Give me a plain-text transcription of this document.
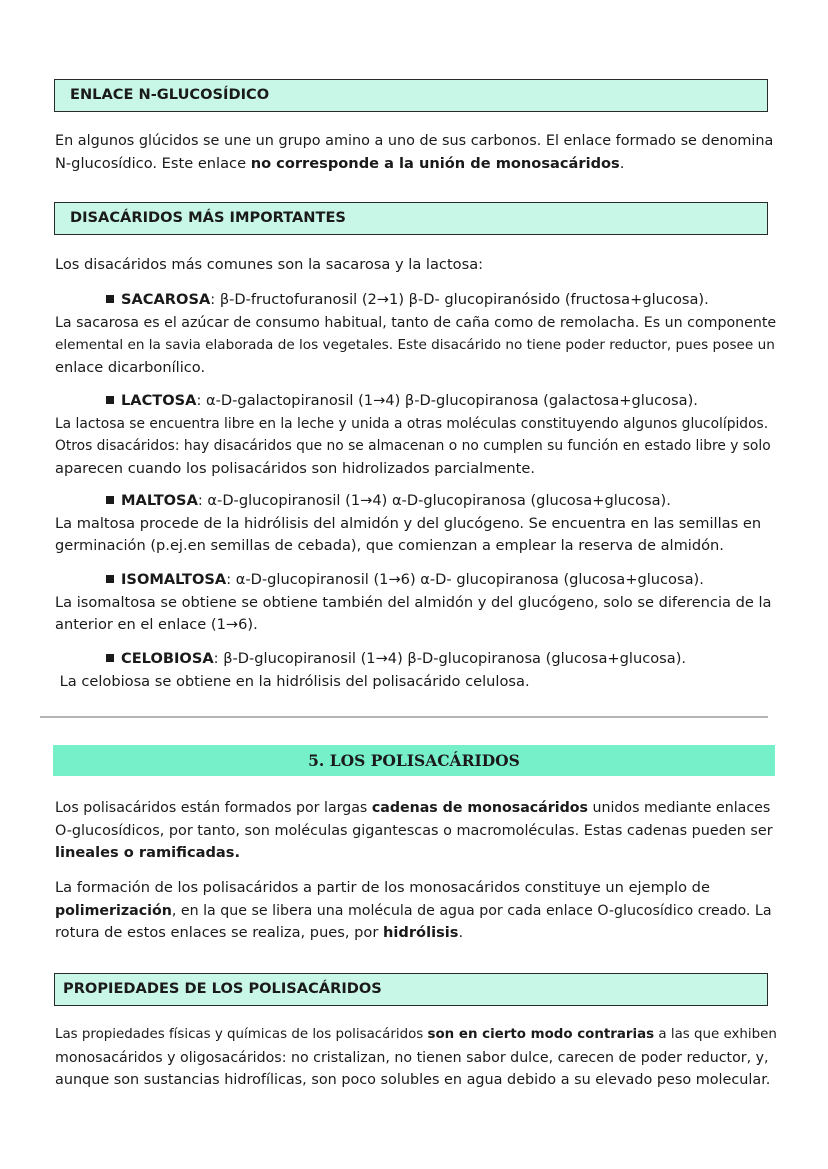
ENLACE N-GLUCOSÍDICO
En algunos glúcidos se une un grupo amino a uno de sus carbonos. El enlace formado se denomina
N-glucosídico. Este enlace no corresponde a la unión de monosacáridos.
DISACÁRIDOS MÁS IMPORTANTES
Los disacáridos más comunes son la sacarosa y la lactosa:
SACAROSA: β-D-fructofuranosil (2→1) β-D- glucopiranósido (fructosa+glucosa).
La sacarosa es el azúcar de consumo habitual, tanto de caña como de remolacha. Es un componente
elemental en la savia elaborada de los vegetales. Este disacárido no tiene poder reductor, pues posee un
enlace dicarbonílico.
LACTOSA: α-D-galactopiranosil (1→4) β-D-glucopiranosa (galactosa+glucosa).
La lactosa se encuentra libre en la leche y unida a otras moléculas constituyendo algunos glucolípidos.
Otros disacáridos: hay disacáridos que no se almacenan o no cumplen su función en estado libre y solo
aparecen cuando los polisacáridos son hidrolizados parcialmente.
MALTOSA: α-D-glucopiranosil (1→4) α-D-glucopiranosa (glucosa+glucosa).
La maltosa procede de la hidrólisis del almidón y del glucógeno. Se encuentra en las semillas en
germinación (p.ej.en semillas de cebada), que comienzan a emplear la reserva de almidón.
ISOMALTOSA: α-D-glucopiranosil (1→6) α-D- glucopiranosa (glucosa+glucosa).
La isomaltosa se obtiene se obtiene también del almidón y del glucógeno, solo se diferencia de la
anterior en el enlace (1→6).
CELOBIOSA: β-D-glucopiranosil (1→4) β-D-glucopiranosa (glucosa+glucosa).
La celobiosa se obtiene en la hidrólisis del polisacárido celulosa.
5. LOS POLISACÁRIDOS
Los polisacáridos están formados por largas cadenas de monosacáridos unidos mediante enlaces
O-glucosídicos, por tanto, son moléculas gigantescas o macromoléculas. Estas cadenas pueden ser
lineales o ramificadas.
La formación de los polisacáridos a partir de los monosacáridos constituye un ejemplo de
polimerización, en la que se libera una molécula de agua por cada enlace O-glucosídico creado. La
rotura de estos enlaces se realiza, pues, por hidrólisis.
PROPIEDADES DE LOS POLISACÁRIDOS
Las propiedades físicas y químicas de los polisacáridos son en cierto modo contrarias a las que exhiben
monosacáridos y oligosacáridos: no cristalizan, no tienen sabor dulce, carecen de poder reductor, y,
aunque son sustancias hidrofílicas, son poco solubles en agua debido a su elevado peso molecular.
